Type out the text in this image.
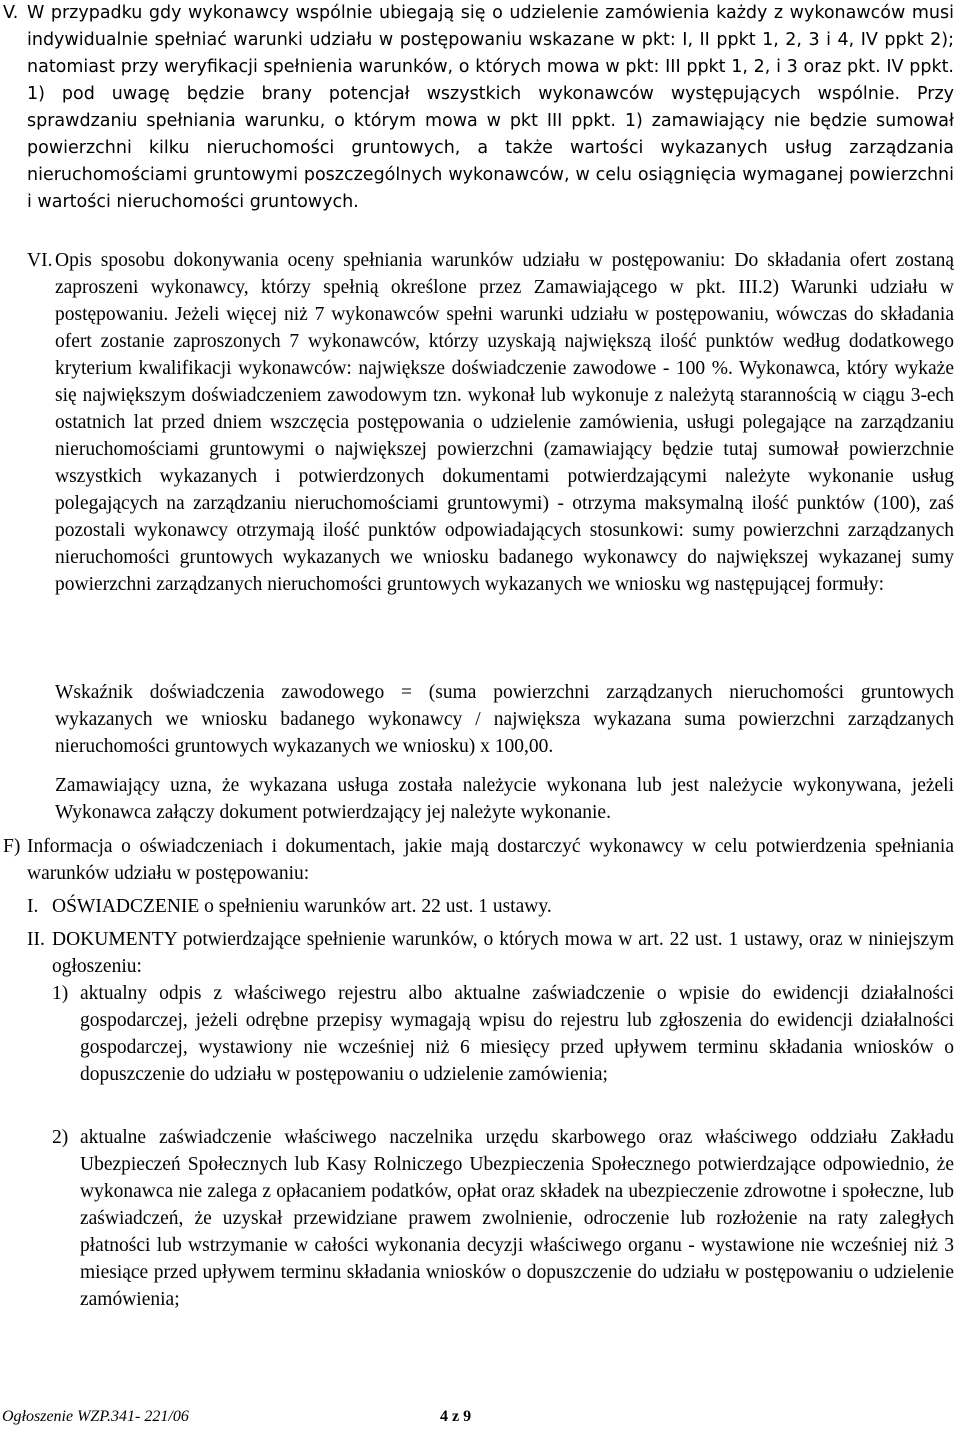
V. W przypadku gdy wykonawcy wspólnie ubiegają się o udzielenie zamówienia każdy z wykonawców musi indywidualnie spełniać warunki udziału w postępowaniu wskazane w pkt: I, II ppkt 1, 2, 3 i 4, IV ppkt 2); natomiast przy weryfikacji spełnienia warunków, o których mowa w pkt: III ppkt 1, 2, i 3 oraz pkt. IV ppkt. 1) pod uwagę będzie brany potencjał wszystkich wykonawców występujących wspólnie. Przy sprawdzaniu spełniania warunku, o którym mowa w pkt III ppkt. 1) zamawiający nie będzie sumował powierzchni kilku nieruchomości gruntowych, a także wartości wykazanych usług zarządzania nieruchomościami gruntowymi poszczególnych wykonawców, w celu osiągnięcia wymaganej powierzchni i wartości nieruchomości gruntowych.

VI. Opis sposobu dokonywania oceny spełniania warunków udziału w postępowaniu: Do składania ofert zostaną zaproszeni wykonawcy, którzy spełnią określone przez Zamawiającego w pkt. III.2) Warunki udziału w postępowaniu. Jeżeli więcej niż 7 wykonawców spełni warunki udziału w postępowaniu, wówczas do składania ofert zostanie zaproszonych 7 wykonawców, którzy uzyskają największą ilość punktów według dodatkowego kryterium kwalifikacji wykonawców: największe doświadczenie zawodowe - 100 %. Wykonawca, który wykaże się największym doświadczeniem zawodowym tzn. wykonał lub wykonuje z należytą starannością w ciągu 3-ech ostatnich lat przed dniem wszczęcia postępowania o udzielenie zamówienia, usługi polegające na zarządzaniu nieruchomościami gruntowymi o największej powierzchni (zamawiający będzie tutaj sumował powierzchnie wszystkich wykazanych i potwierdzonych dokumentami potwierdzającymi należyte wykonanie usług polegających na zarządzaniu nieruchomościami gruntowymi) - otrzyma maksymalną ilość punktów (100), zaś pozostali wykonawcy otrzymają ilość punktów odpowiadających stosunkowi: sumy powierzchni zarządzanych nieruchomości gruntowych wykazanych we wniosku badanego wykonawcy do największej wykazanej sumy powierzchni zarządzanych nieruchomości gruntowych wykazanych we wniosku wg następującej formuły:

Wskaźnik doświadczenia zawodowego = (suma powierzchni zarządzanych nieruchomości gruntowych wykazanych we wniosku badanego wykonawcy / największa wykazana suma powierzchni zarządzanych nieruchomości gruntowych wykazanych we wniosku) x 100,00.

Zamawiający uzna, że wykazana usługa została należycie wykonana lub jest należycie wykonywana, jeżeli Wykonawca załączy dokument potwierdzający jej należyte wykonanie.

F) Informacja o oświadczeniach i dokumentach, jakie mają dostarczyć wykonawcy w celu potwierdzenia spełniania warunków udziału w postępowaniu:

I. OŚWIADCZENIE o spełnieniu warunków art. 22 ust. 1 ustawy.

II. DOKUMENTY potwierdzające spełnienie warunków, o których mowa w art. 22 ust. 1 ustawy, oraz w niniejszym ogłoszeniu:

1) aktualny odpis z właściwego rejestru albo aktualne zaświadczenie o wpisie do ewidencji działalności gospodarczej, jeżeli odrębne przepisy wymagają wpisu do rejestru lub zgłoszenia do ewidencji działalności gospodarczej, wystawiony nie wcześniej niż 6 miesięcy przed upływem terminu składania wniosków o dopuszczenie do udziału w postępowaniu o udzielenie zamówienia;

2) aktualne zaświadczenie właściwego naczelnika urzędu skarbowego oraz właściwego oddziału Zakładu Ubezpieczeń Społecznych lub Kasy Rolniczego Ubezpieczenia Społecznego potwierdzające odpowiednio, że wykonawca nie zalega z opłacaniem podatków, opłat oraz składek na ubezpieczenie zdrowotne i społeczne, lub zaświadczeń, że uzyskał przewidziane prawem zwolnienie, odroczenie lub rozłożenie na raty zaległych płatności lub wstrzymanie w całości wykonania decyzji właściwego organu - wystawione nie wcześniej niż 3 miesiące przed upływem terminu składania wniosków o dopuszczenie do udziału w postępowaniu o udzielenie zamówienia;

Ogłoszenie WZP.341- 221/06	4 z 9
